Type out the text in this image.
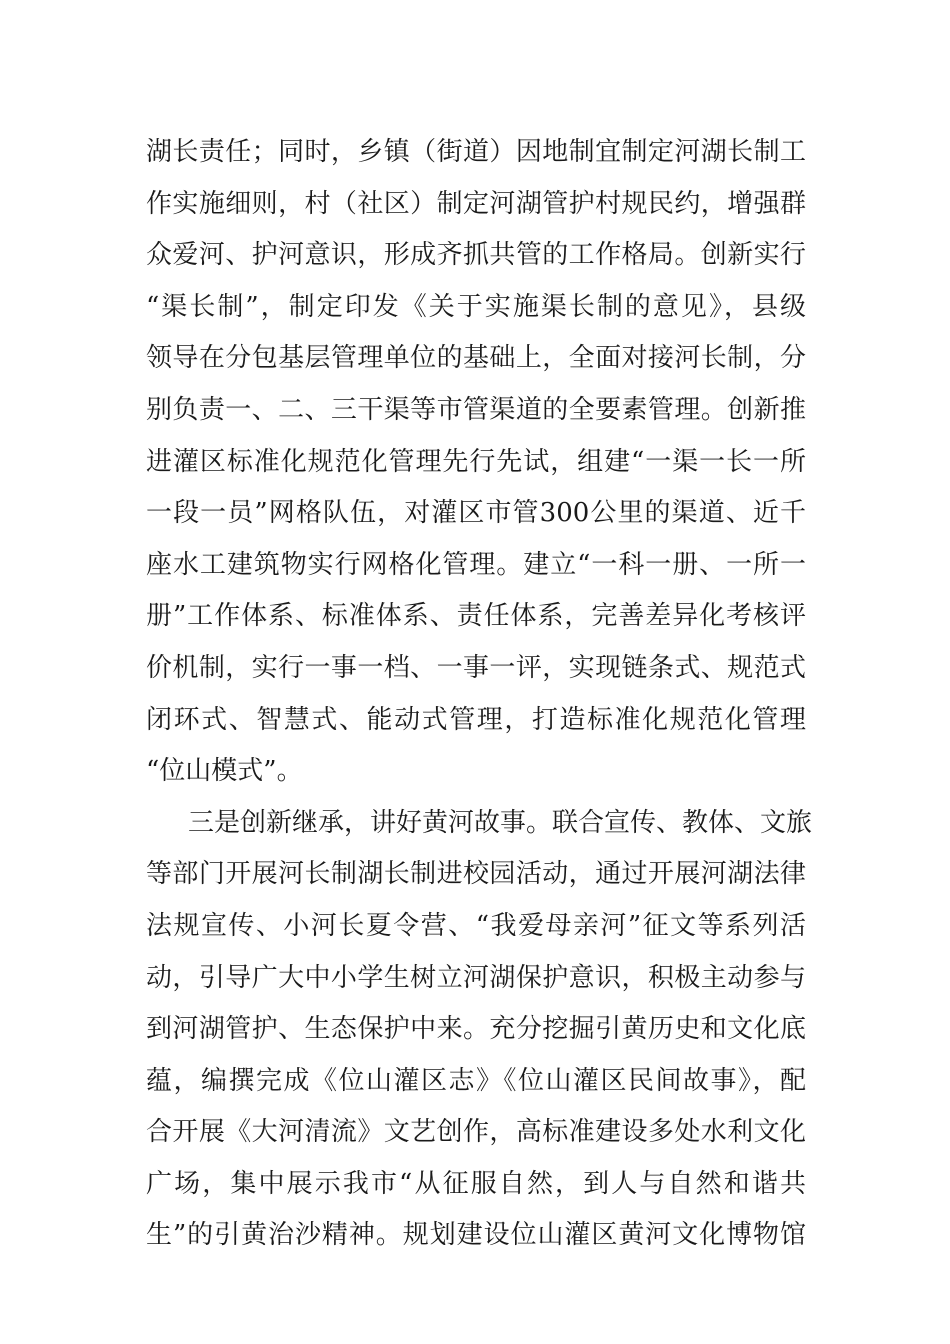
湖长责任；同时，乡镇（街道）因地制宜制定河湖长制工
作实施细则，村（社区）制定河湖管护村规民约，增强群
众爱河、护河意识，形成齐抓共管的工作格局。创新实行
“渠长制”，制定印发《关于实施渠长制的意见》，县级
领导在分包基层管理单位的基础上，全面对接河长制，分
别负责一、二、三干渠等市管渠道的全要素管理。创新推
进灌区标准化规范化管理先行先试，组建“一渠一长一所
一段一员”网格队伍，对灌区市管300公里的渠道、近千
座水工建筑物实行网格化管理。建立“一科一册、一所一
册”工作体系、标准体系、责任体系，完善差异化考核评
价机制，实行一事一档、一事一评，实现链条式、规范式
闭环式、智慧式、能动式管理，打造标准化规范化管理
“位山模式”。
三是创新继承，讲好黄河故事。联合宣传、教体、文旅
等部门开展河长制湖长制进校园活动，通过开展河湖法律
法规宣传、小河长夏令营、“我爱母亲河”征文等系列活
动，引导广大中小学生树立河湖保护意识，积极主动参与
到河湖管护、生态保护中来。充分挖掘引黄历史和文化底
蕴，编撰完成《位山灌区志》《位山灌区民间故事》，配
合开展《大河清流》文艺创作，高标准建设多处水利文化
广场，集中展示我市“从征服自然，到人与自然和谐共
生”的引黄治沙精神。规划建设位山灌区黄河文化博物馆
